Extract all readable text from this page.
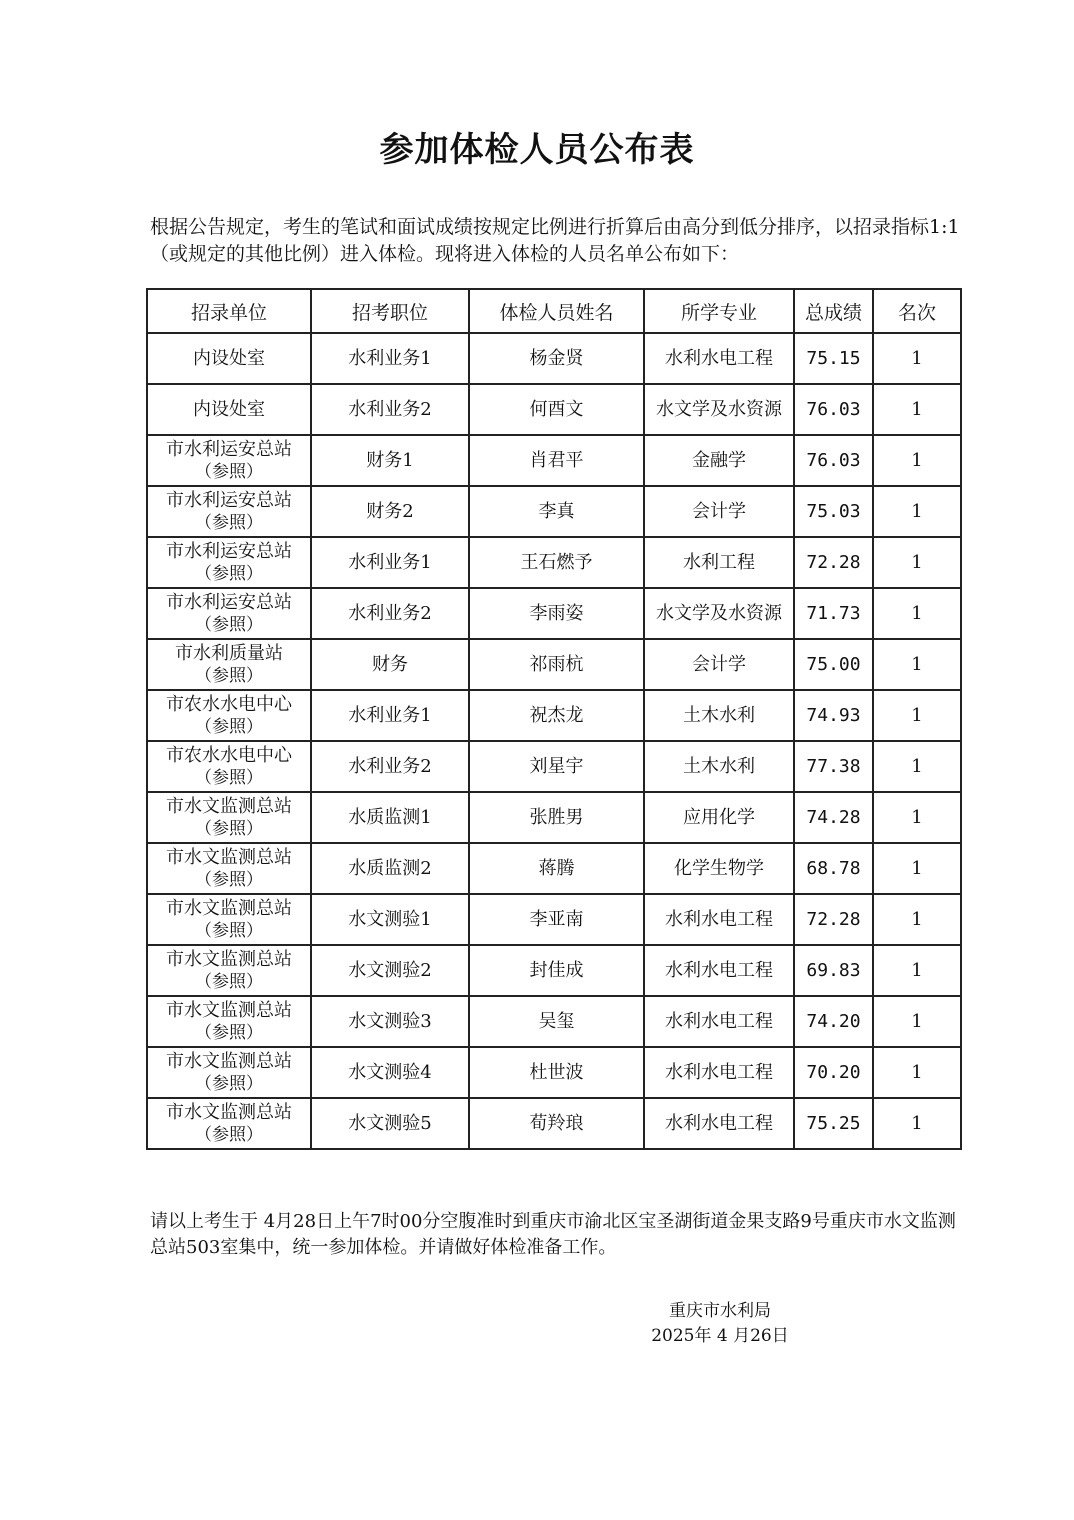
参加体检人员公布表

根据公告规定，考生的笔试和面试成绩按规定比例进行折算后由高分到低分排序，以招录指标1:1（或规定的其他比例）进入体检。现将进入体检的人员名单公布如下：

招录单位	招考职位	体检人员姓名	所学专业	总成绩	名次

内设处室	水利业务1	杨金贤	水利水电工程	75.15	1

内设处室	水利业务2	何酉文	水文学及水资源	76.03	1

市水利运安总站
（参照）	财务1	肖君平	金融学	76.03	1

市水利运安总站
（参照）	财务2	李真	会计学	75.03	1

市水利运安总站
（参照）	水利业务1	王石燃予	水利工程	72.28	1

市水利运安总站
（参照）	水利业务2	李雨姿	水文学及水资源	71.73	1

市水利质量站
（参照）	财务	祁雨杭	会计学	75.00	1

市农水水电中心
（参照）	水利业务1	祝杰龙	土木水利	74.93	1

市农水水电中心
（参照）	水利业务2	刘星宇	土木水利	77.38	1

市水文监测总站
（参照）	水质监测1	张胜男	应用化学	74.28	1

市水文监测总站
（参照）	水质监测2	蒋腾	化学生物学	68.78	1

市水文监测总站
（参照）	水文测验1	李亚南	水利水电工程	72.28	1

市水文监测总站
（参照）	水文测验2	封佳成	水利水电工程	69.83	1

市水文监测总站
（参照）	水文测验3	吴玺	水利水电工程	74.20	1

市水文监测总站
（参照）	水文测验4	杜世波	水利水电工程	70.20	1

市水文监测总站
（参照）	水文测验5	荀羚琅	水利水电工程	75.25	1

请以上考生于 4月28日上午7时00分空腹准时到重庆市渝北区宝圣湖街道金果支路9号重庆市水文监测总站503室集中，统一参加体检。并请做好体检准备工作。

重庆市水利局
2025年 4 月26日
